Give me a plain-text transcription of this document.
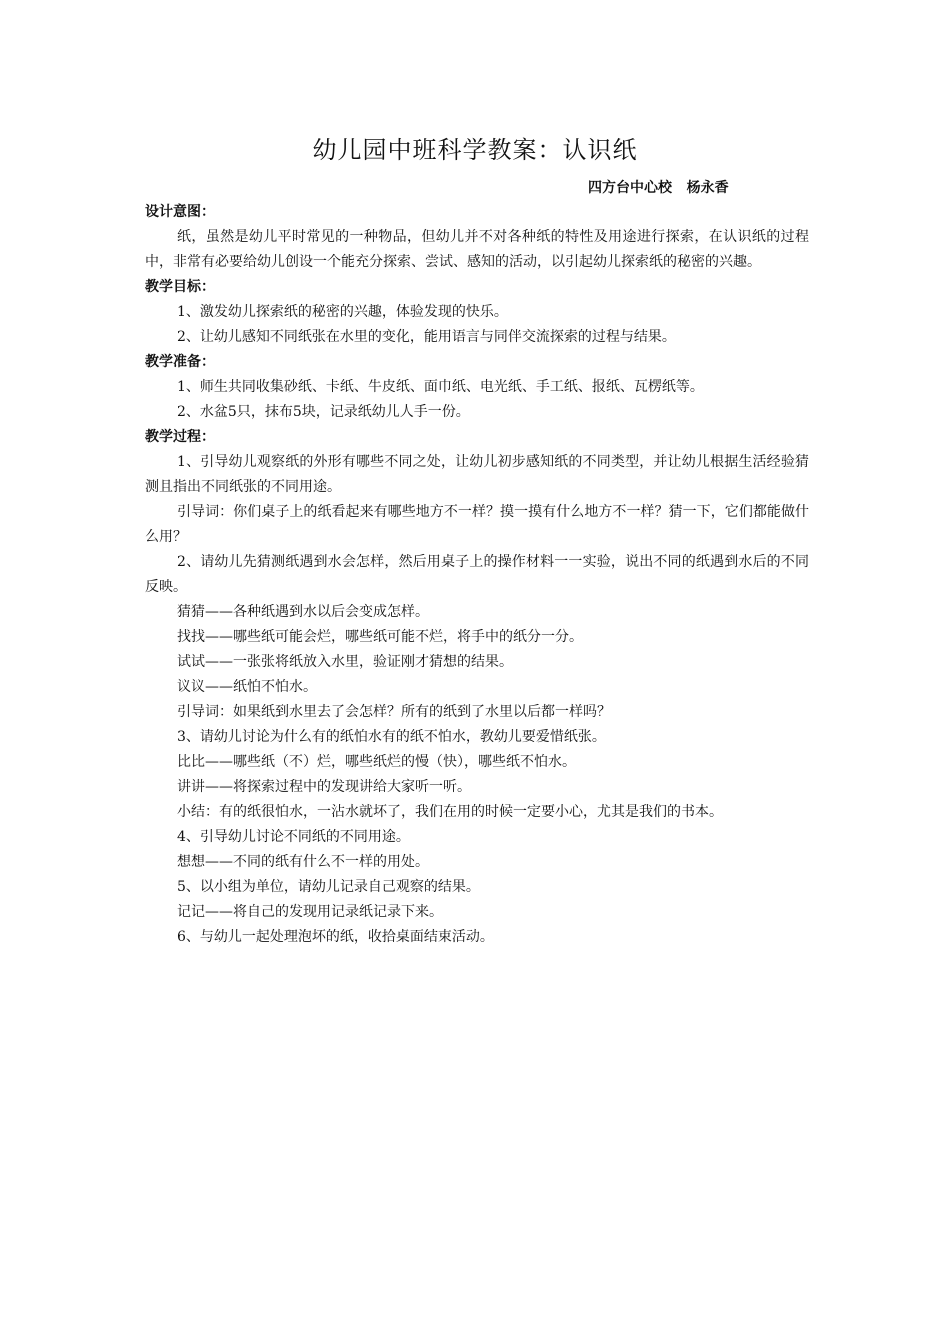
幼儿园中班科学教案：认识纸
四方台中心校   杨永香

设计意图：

纸，虽然是幼儿平时常见的一种物品，但幼儿并不对各种纸的特性及用途进行探索，在认识纸的过程中，非常有必要给幼儿创设一个能充分探索、尝试、感知的活动，以引起幼儿探索纸的秘密的兴趣。

教学目标：

1、激发幼儿探索纸的秘密的兴趣，体验发现的快乐。

2、让幼儿感知不同纸张在水里的变化，能用语言与同伴交流探索的过程与结果。

教学准备：

1、师生共同收集砂纸、卡纸、牛皮纸、面巾纸、电光纸、手工纸、报纸、瓦楞纸等。

2、水盆5只，抹布5块，记录纸幼儿人手一份。

教学过程：

1、引导幼儿观察纸的外形有哪些不同之处，让幼儿初步感知纸的不同类型，并让幼儿根据生活经验猜测且指出不同纸张的不同用途。

引导词：你们桌子上的纸看起来有哪些地方不一样？摸一摸有什么地方不一样？猜一下，它们都能做什么用？

2、请幼儿先猜测纸遇到水会怎样，然后用桌子上的操作材料一一实验，说出不同的纸遇到水后的不同反映。

猜猜——各种纸遇到水以后会变成怎样。

找找——哪些纸可能会烂，哪些纸可能不烂，将手中的纸分一分。

试试——一张张将纸放入水里，验证刚才猜想的结果。

议议——纸怕不怕水。

引导词：如果纸到水里去了会怎样？所有的纸到了水里以后都一样吗？

3、请幼儿讨论为什么有的纸怕水有的纸不怕水，教幼儿要爱惜纸张。

比比——哪些纸（不）烂，哪些纸烂的慢（快），哪些纸不怕水。

讲讲——将探索过程中的发现讲给大家听一听。

小结：有的纸很怕水，一沾水就坏了，我们在用的时候一定要小心，尤其是我们的书本。

4、引导幼儿讨论不同纸的不同用途。

想想——不同的纸有什么不一样的用处。

5、以小组为单位，请幼儿记录自己观察的结果。

记记——将自己的发现用记录纸记录下来。

6、与幼儿一起处理泡坏的纸，收拾桌面结束活动。
